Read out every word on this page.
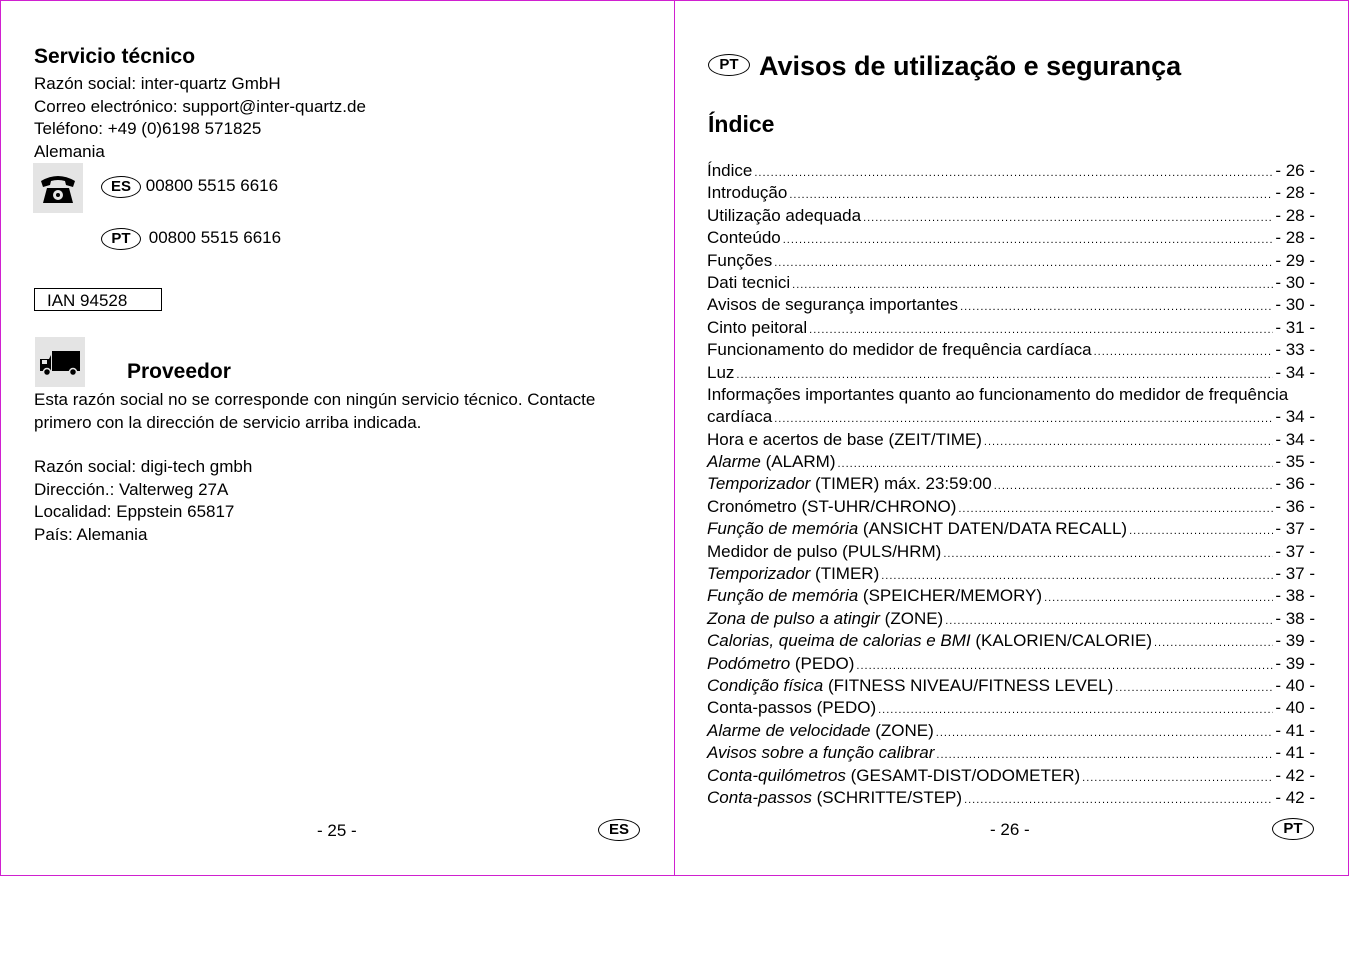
Servicio técnico
Razón social: inter-quartz GmbH
Correo electrónico: support@inter-quartz.de
Teléfono: +49 (0)6198 571825
Alemania
ES 00800 5515 6616
PT 00800 5515 6616
IAN 94528
Proveedor
Esta razón social no se corresponde con ningún servicio técnico. Contacte
primero con la dirección de servicio arriba indicada.
Razón social: digi-tech gmbh
Dirección.: Valterweg 27A
Localidad: Eppstein 65817
País: Alemania
- 25 -	ES
PT Avisos de utilização e segurança
Índice
Índice .....	- 26 -
Introdução .....	- 28 -
Utilização adequada .....	- 28 -
Conteúdo .....	- 28 -
Funções .....	- 29 -
Dati tecnici .....	- 30 -
Avisos de segurança importantes .....	- 30 -
Cinto peitoral .....	- 31 -
Funcionamento do medidor de frequência cardíaca .....	- 33 -
Luz .....	- 34 -
Informações importantes quanto ao funcionamento do medidor de frequência
cardíaca .....	- 34 -
Hora e acertos de base (ZEIT/TIME) .....	- 34 -
Alarme (ALARM) .....	- 35 -
Temporizador (TIMER) máx. 23:59:00 .....	- 36 -
Cronómetro (ST-UHR/CHRONO) .....	- 36 -
Função de memória (ANSICHT DATEN/DATA RECALL) .....	- 37 -
Medidor de pulso (PULS/HRM) .....	- 37 -
Temporizador (TIMER) .....	- 37 -
Função de memória (SPEICHER/MEMORY) .....	- 38 -
Zona de pulso a atingir (ZONE) .....	- 38 -
Calorias, queima de calorias e BMI (KALORIEN/CALORIE) .....	- 39 -
Podómetro (PEDO) .....	- 39 -
Condição física (FITNESS NIVEAU/FITNESS LEVEL) .....	- 40 -
Conta-passos (PEDO) .....	- 40 -
Alarme de velocidade (ZONE) .....	- 41 -
Avisos sobre a função calibrar .....	- 41 -
Conta-quilómetros (GESAMT-DIST/ODOMETER) .....	- 42 -
Conta-passos (SCHRITTE/STEP) .....	- 42 -
- 26 -	PT
